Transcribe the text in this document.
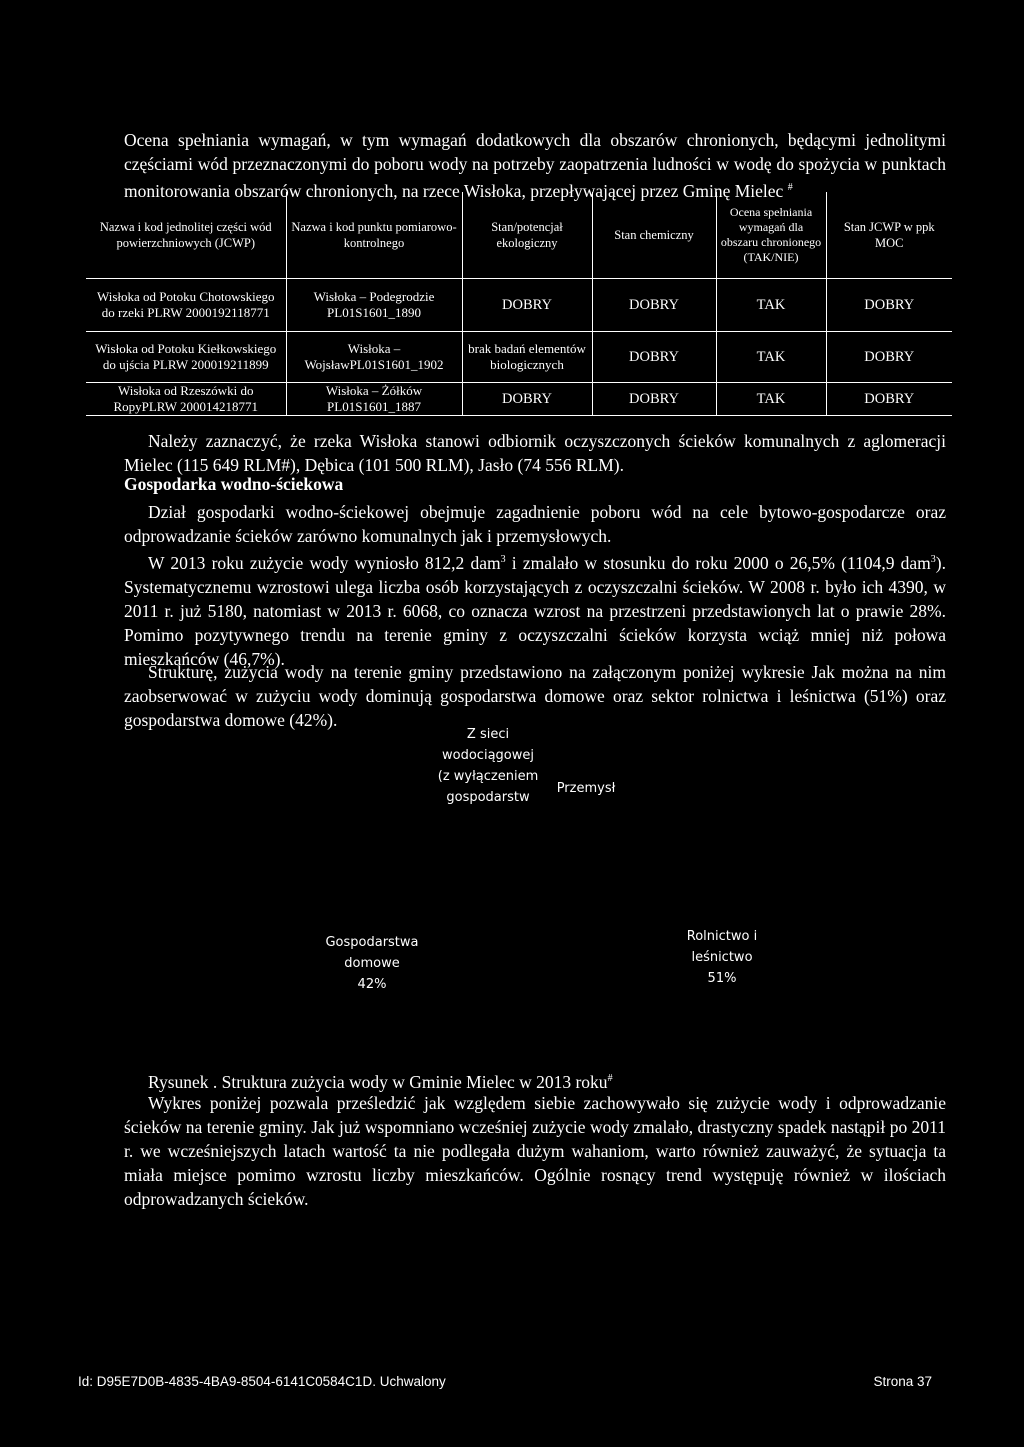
Ocena spełniania wymagań, w tym wymagań dodatkowych dla obszarów chronionych, będącymi jednolitymi częściami wód przeznaczonymi do poboru wody na potrzeby zaopatrzenia ludności w wodę do spożycia w punktach monitorowania obszarów chronionych, na rzece Wisłoka, przepływającej przez Gminę Mielec #
Nazwa i kod jednolitej części wód powierzchniowych (JCWP)	Nazwa i kod punktu pomiarowo-kontrolnego	Stan/potencjał ekologiczny	Stan chemiczny	Ocena spełniania wymagań dla obszaru chronionego (TAK/NIE)	Stan JCWP w ppk MOC
Wisłoka od Potoku Chotowskiego do rzeki PLRW 2000192118771	Wisłoka – Podegrodzie PL01S1601_1890	DOBRY	DOBRY	TAK	DOBRY
Wisłoka od Potoku Kiełkowskiego do ujścia PLRW 200019211899	Wisłoka – WojsławPL01S1601_1902	brak badań elementów biologicznych	DOBRY	TAK	DOBRY
Wisłoka od Rzeszówki do RopyPLRW 200014218771	Wisłoka – Żółków PL01S1601_1887	DOBRY	DOBRY	TAK	DOBRY
Należy zaznaczyć, że rzeka Wisłoka stanowi odbiornik oczyszczonych ścieków komunalnych z aglomeracji Mielec (115 649 RLM#), Dębica (101 500 RLM), Jasło (74 556 RLM).
Gospodarka wodno-ściekowa
Dział gospodarki wodno-ściekowej obejmuje zagadnienie poboru wód na cele bytowo-gospodarcze oraz odprowadzanie ścieków zarówno komunalnych jak i przemysłowych.
W 2013 roku zużycie wody wyniosło 812,2 dam$^3$ i zmalało w stosunku do roku 2000 o 26,5% (1104,9 dam$^3$). Systematycznemu wzrostowi ulega liczba osób korzystających z oczyszczalni ścieków. W 2008 r. było ich 4390, w 2011 r. już 5180, natomiast w 2013 r. 6068, co oznacza wzrost na przestrzeni przedstawionych lat o prawie 28%. Pomimo pozytywnego trendu na terenie gminy z oczyszczalni ścieków korzysta wciąż mniej niż połowa mieszkańców (46,7%).
Strukturę, zużycia wody na terenie gminy przedstawiono na załączonym poniżej wykresie Jak można na nim zaobserwować w zużyciu wody dominują gospodarstwa domowe oraz sektor rolnictwa i leśnictwa (51%) oraz gospodarstwa domowe (42%).
Z sieci
wodociągowej
(z wyłączeniem
gospodarstw
Przemysł
Gospodarstwa
domowe
42%
Rolnictwo i
leśnictwo
51%
Rysunek . Struktura zużycia wody w Gminie Mielec w 2013 roku#
Wykres poniżej pozwala prześledzić jak względem siebie zachowywało się zużycie wody i odprowadzanie ścieków na terenie gminy. Jak już wspomniano wcześniej zużycie wody zmalało, drastyczny spadek nastąpił po 2011 r. we wcześniejszych latach wartość ta nie podlegała dużym wahaniom, warto również zauważyć, że sytuacja ta miała miejsce pomimo wzrostu liczby mieszkańców. Ogólnie rosnący trend występuję również w ilościach odprowadzanych ścieków.
Id: D95E7D0B-4835-4BA9-8504-6141C0584C1D. Uchwalony	Strona 37
